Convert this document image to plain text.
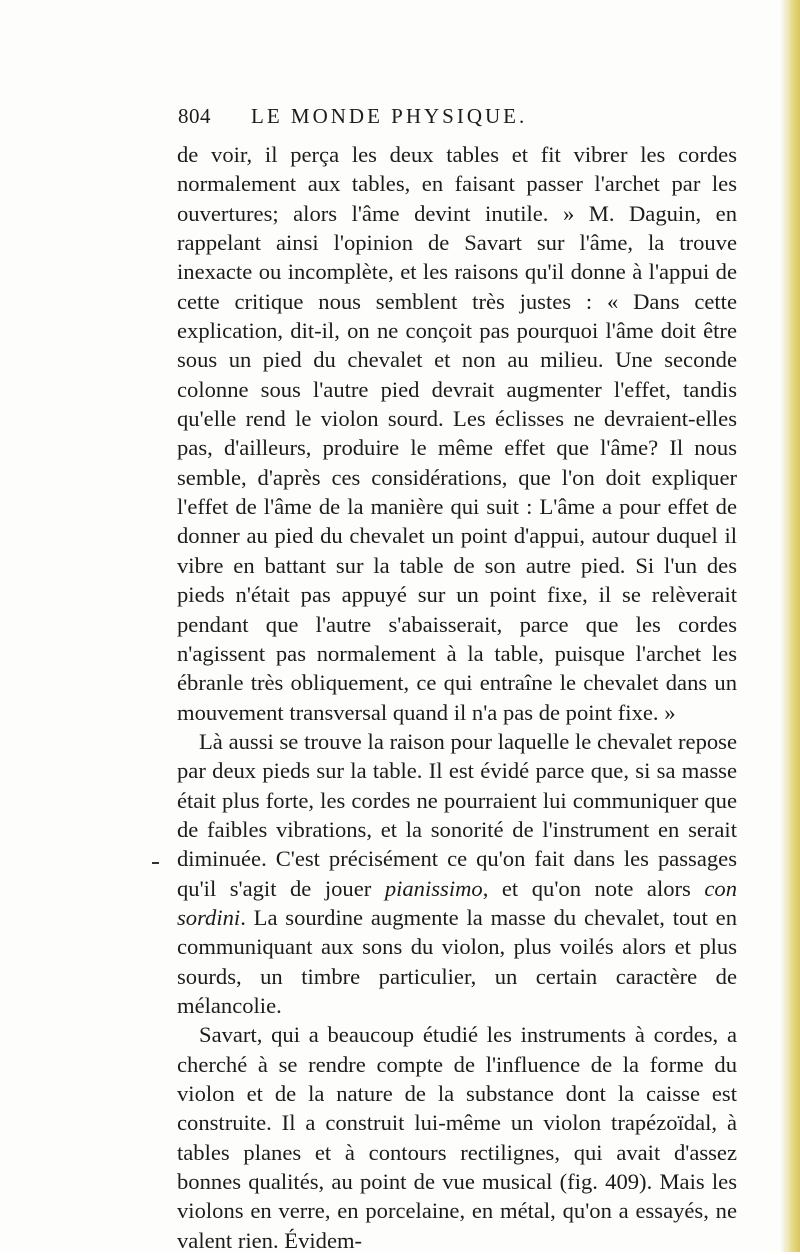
804 LE MONDE PHYSIQUE.

de voir, il perça les deux tables et fit vibrer les cordes normalement aux tables, en faisant passer l'archet par les ouvertures; alors l'âme devint inutile. » M. Daguin, en rappelant ainsi l'opinion de Savart sur l'âme, la trouve inexacte ou incomplète, et les raisons qu'il donne à l'appui de cette critique nous semblent très justes : « Dans cette explication, dit-il, on ne conçoit pas pourquoi l'âme doit être sous un pied du chevalet et non au milieu. Une seconde colonne sous l'autre pied devrait augmenter l'effet, tandis qu'elle rend le violon sourd. Les éclisses ne devraient-elles pas, d'ailleurs, produire le même effet que l'âme? Il nous semble, d'après ces considérations, que l'on doit expliquer l'effet de l'âme de la manière qui suit : L'âme a pour effet de donner au pied du chevalet un point d'appui, autour duquel il vibre en battant sur la table de son autre pied. Si l'un des pieds n'était pas appuyé sur un point fixe, il se relèverait pendant que l'autre s'abaisserait, parce que les cordes n'agissent pas normalement à la table, puisque l'archet les ébranle très obliquement, ce qui entraîne le chevalet dans un mouvement transversal quand il n'a pas de point fixe. »

Là aussi se trouve la raison pour laquelle le chevalet repose par deux pieds sur la table. Il est évidé parce que, si sa masse était plus forte, les cordes ne pourraient lui communiquer que de faibles vibrations, et la sonorité de l'instrument en serait diminuée. C'est précisément ce qu'on fait dans les passages qu'il s'agit de jouer pianissimo, et qu'on note alors con sordini. La sourdine augmente la masse du chevalet, tout en communiquant aux sons du violon, plus voilés alors et plus sourds, un timbre particulier, un certain caractère de mélancolie.

Savart, qui a beaucoup étudié les instruments à cordes, a cherché à se rendre compte de l'influence de la forme du violon et de la nature de la substance dont la caisse est construite. Il a construit lui-même un violon trapézoïdal, à tables planes et à contours rectilignes, qui avait d'assez bonnes qualités, au point de vue musical (fig. 409). Mais les violons en verre, en porcelaine, en métal, qu'on a essayés, ne valent rien. Évidem-
